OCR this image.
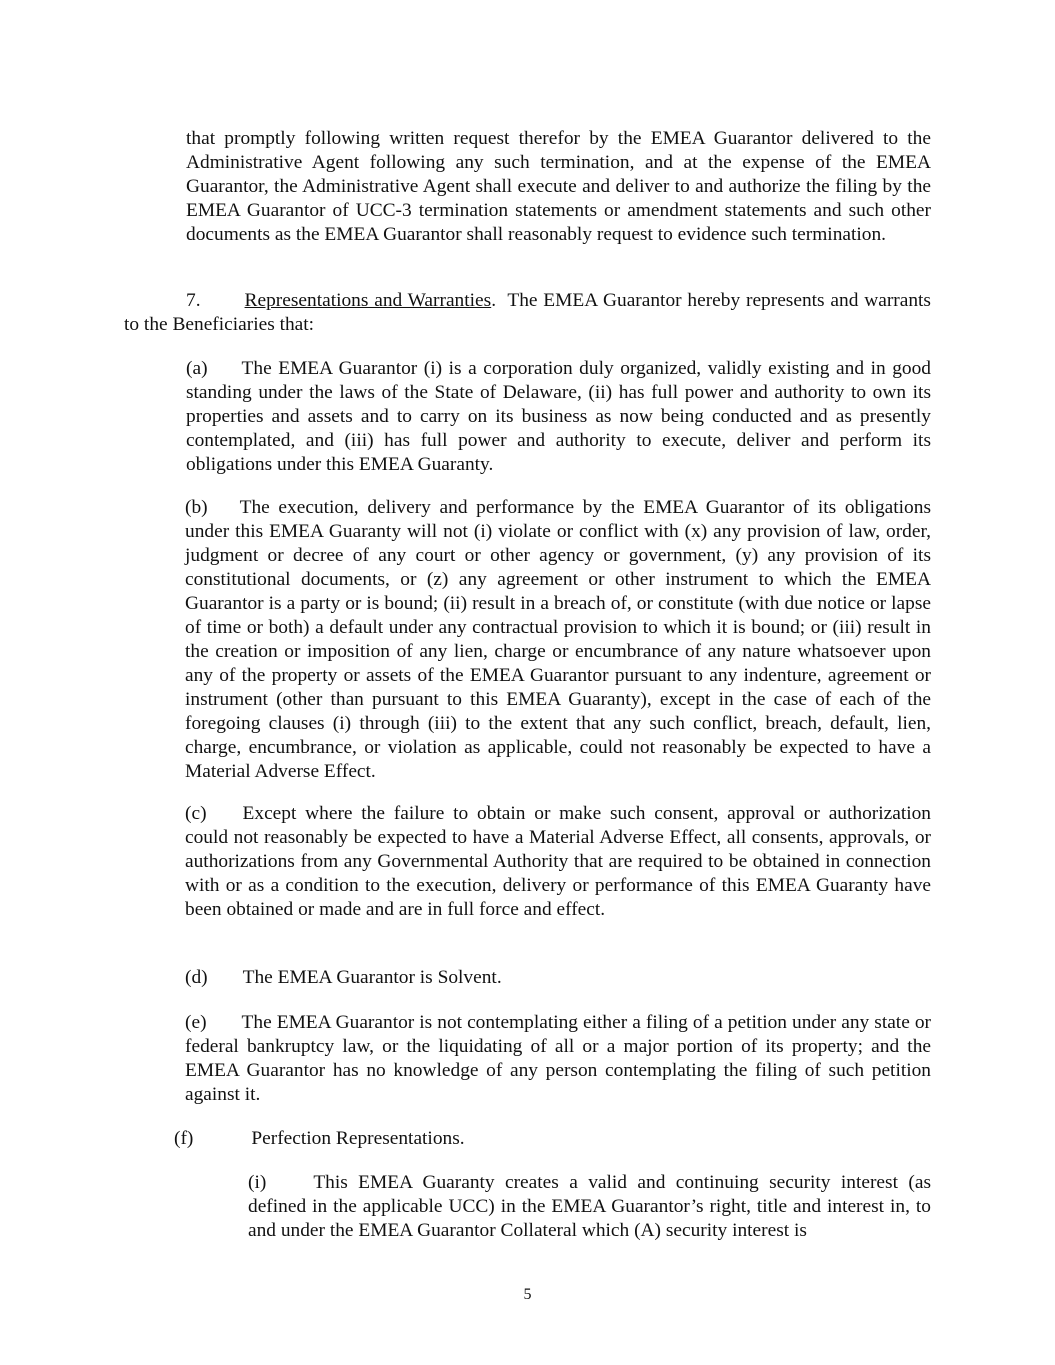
that promptly following written request therefor by the EMEA Guarantor delivered to the Administrative Agent following any such termination, and at the expense of the EMEA Guarantor, the Administrative Agent shall execute and deliver to and authorize the filing by the EMEA Guarantor of UCC-3 termination statements or amendment statements and such other documents as the EMEA Guarantor shall reasonably request to evidence such termination.

7. Representations and Warranties. The EMEA Guarantor hereby represents and warrants to the Beneficiaries that:

(a) The EMEA Guarantor (i) is a corporation duly organized, validly existing and in good standing under the laws of the State of Delaware, (ii) has full power and authority to own its properties and assets and to carry on its business as now being conducted and as presently contemplated, and (iii) has full power and authority to execute, deliver and perform its obligations under this EMEA Guaranty.

(b) The execution, delivery and performance by the EMEA Guarantor of its obligations under this EMEA Guaranty will not (i) violate or conflict with (x) any provision of law, order, judgment or decree of any court or other agency or government, (y) any provision of its constitutional documents, or (z) any agreement or other instrument to which the EMEA Guarantor is a party or is bound; (ii) result in a breach of, or constitute (with due notice or lapse of time or both) a default under any contractual provision to which it is bound; or (iii) result in the creation or imposition of any lien, charge or encumbrance of any nature whatsoever upon any of the property or assets of the EMEA Guarantor pursuant to any indenture, agreement or instrument (other than pursuant to this EMEA Guaranty), except in the case of each of the foregoing clauses (i) through (iii) to the extent that any such conflict, breach, default, lien, charge, encumbrance, or violation as applicable, could not reasonably be expected to have a Material Adverse Effect.

(c) Except where the failure to obtain or make such consent, approval or authorization could not reasonably be expected to have a Material Adverse Effect, all consents, approvals, or authorizations from any Governmental Authority that are required to be obtained in connection with or as a condition to the execution, delivery or performance of this EMEA Guaranty have been obtained or made and are in full force and effect.

(d) The EMEA Guarantor is Solvent.

(e) The EMEA Guarantor is not contemplating either a filing of a petition under any state or federal bankruptcy law, or the liquidating of all or a major portion of its property; and the EMEA Guarantor has no knowledge of any person contemplating the filing of such petition against it.

(f)	Perfection Representations.

(i) This EMEA Guaranty creates a valid and continuing security interest (as defined in the applicable UCC) in the EMEA Guarantor’s right, title and interest in, to and under the EMEA Guarantor Collateral which (A) security interest is

5
